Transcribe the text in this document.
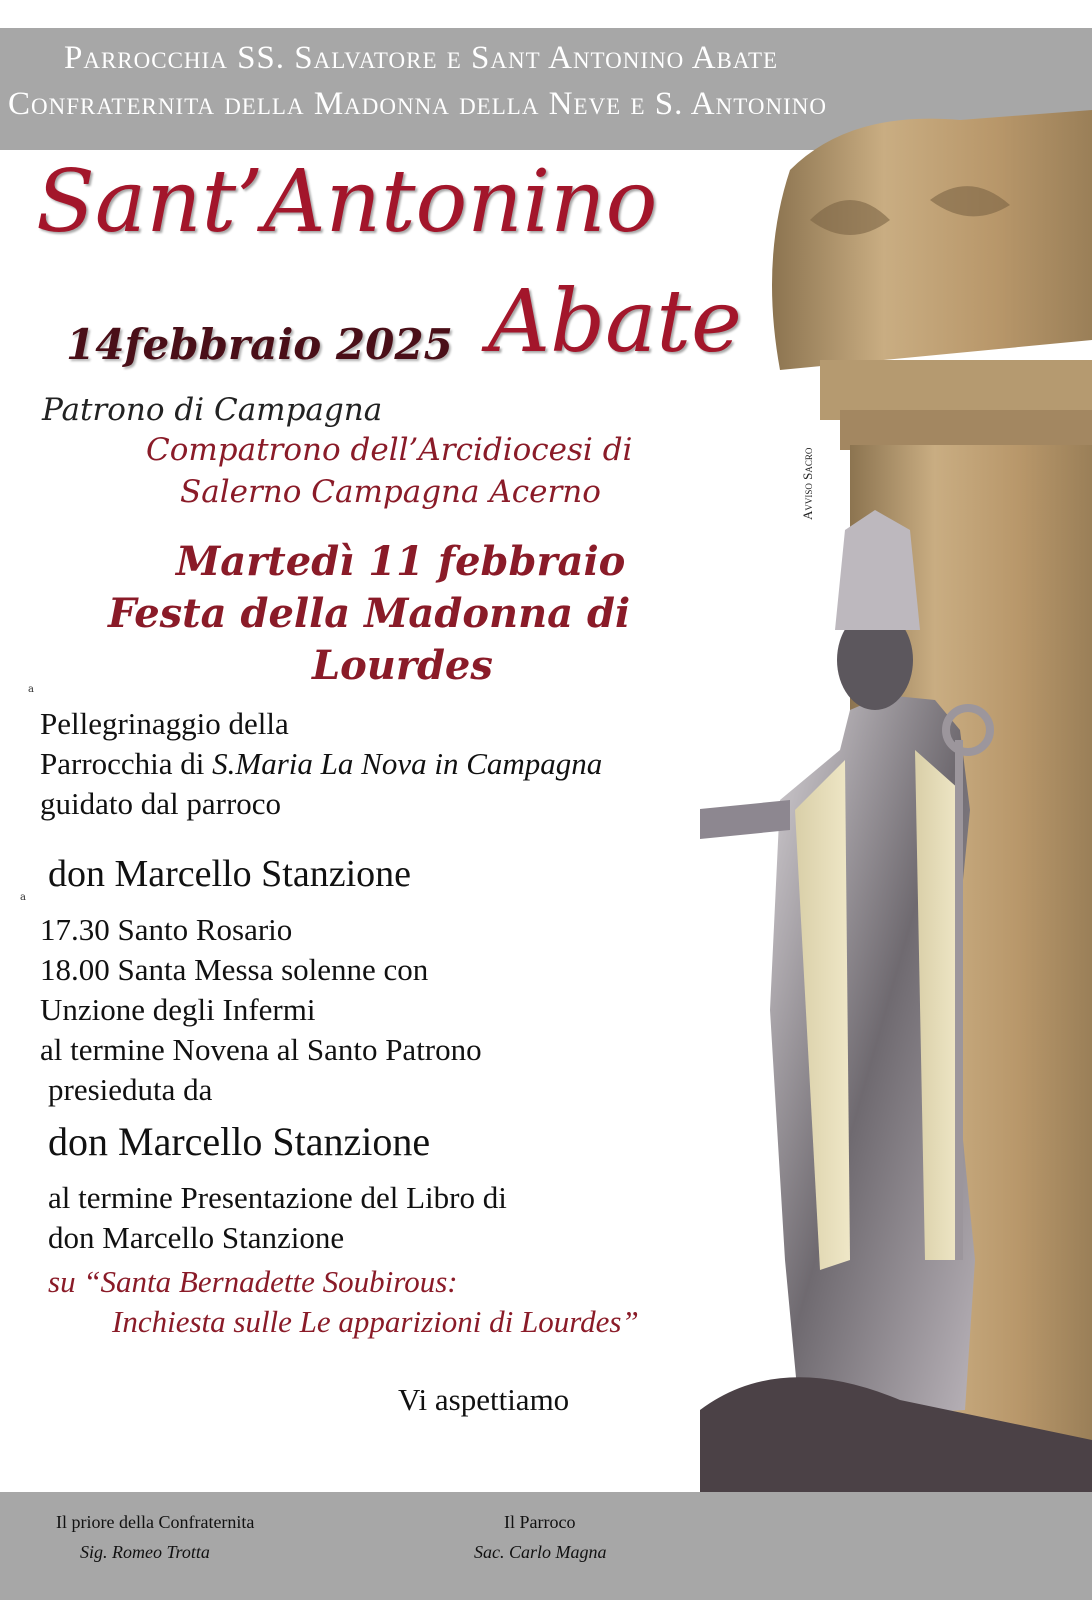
Parrocchia SS. Salvatore e Sant Antonino Abate
Confraternita della Madonna della Neve e S. Antonino
Sant’Antonino
Abate
14febbraio 2025
Patrono di Campagna
Compatrono dell’Arcidiocesi di
Salerno Campagna Acerno	Avviso Sacro
Martedì 11 febbraio
Festa della Madonna di
Lourdes
a
Pellegrinaggio della
Parrocchia di S.Maria La Nova in Campagna
guidato dal parroco
don Marcello Stanzione
a
17.30 Santo Rosario
18.00 Santa Messa solenne con
Unzione degli Infermi
al termine Novena al Santo Patrono
presieduta da
don Marcello Stanzione
al termine Presentazione del Libro di
don Marcello Stanzione
su “Santa Bernadette Soubirous:
Inchiesta sulle Le apparizioni di Lourdes”
Vi aspettiamo
Il priore della Confraternita
Sig. Romeo Trotta
Il Parroco
Sac. Carlo Magna
